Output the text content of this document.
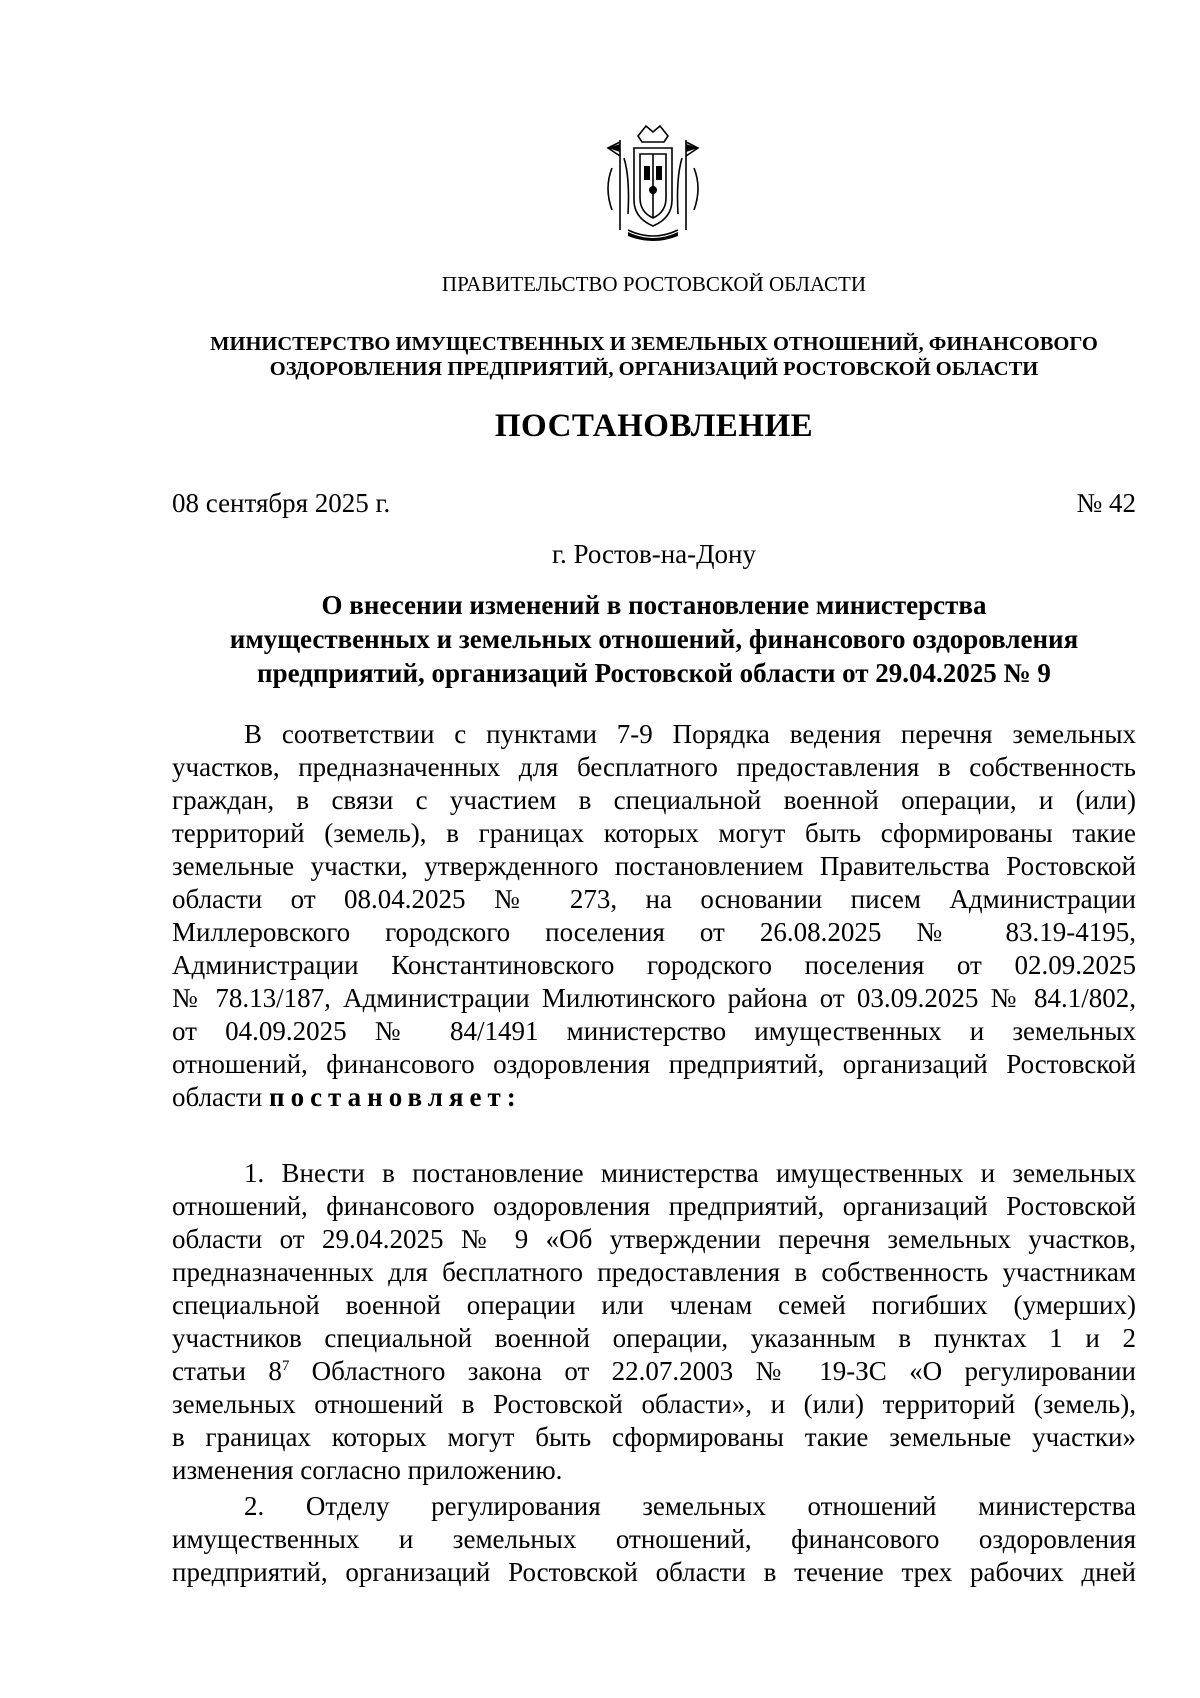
ПРАВИТЕЛЬСТВО РОСТОВСКОЙ ОБЛАСТИ
МИНИСТЕРСТВО ИМУЩЕСТВЕННЫХ И ЗЕМЕЛЬНЫХ ОТНОШЕНИЙ, ФИНАНСОВОГО
ОЗДОРОВЛЕНИЯ ПРЕДПРИЯТИЙ, ОРГАНИЗАЦИЙ РОСТОВСКОЙ ОБЛАСТИ
ПОСТАНОВЛЕНИЕ
08 сентября 2025 г.	№ 42
г. Ростов-на-Дону
О внесении изменений в постановление министерства
имущественных и земельных отношений, финансового оздоровления
предприятий, организаций Ростовской области от 29.04.2025 № 9
В соответствии с пунктами 7-9 Порядка ведения перечня земельных
участков, предназначенных для бесплатного предоставления в собственность
граждан, в связи с участием в специальной военной операции, и (или)
территорий (земель), в границах которых могут быть сформированы такие
земельные участки, утвержденного постановлением Правительства Ростовской
области от 08.04.2025 № 273, на основании писем Администрации
Миллеровского городского поселения от 26.08.2025 № 83.19-4195,
Администрации Константиновского городского поселения от 02.09.2025
№ 78.13/187, Администрации Милютинского района от 03.09.2025 № 84.1/802,
от 04.09.2025 № 84/1491 министерство имущественных и земельных
отношений, финансового оздоровления предприятий, организаций Ростовской
области постановляет:
1. Внести в постановление министерства имущественных и земельных
отношений, финансового оздоровления предприятий, организаций Ростовской
области от 29.04.2025 № 9 «Об утверждении перечня земельных участков,
предназначенных для бесплатного предоставления в собственность участникам
специальной военной операции или членам семей погибших (умерших)
участников специальной военной операции, указанным в пунктах 1 и 2
статьи $8^7$ Областного закона от 22.07.2003 № 19-ЗС «О регулировании
земельных отношений в Ростовской области», и (или) территорий (земель),
в границах которых могут быть сформированы такие земельные участки»
изменения согласно приложению.
2. Отделу регулирования земельных отношений министерства
имущественных и земельных отношений, финансового оздоровления
предприятий, организаций Ростовской области в течение трех рабочих дней
